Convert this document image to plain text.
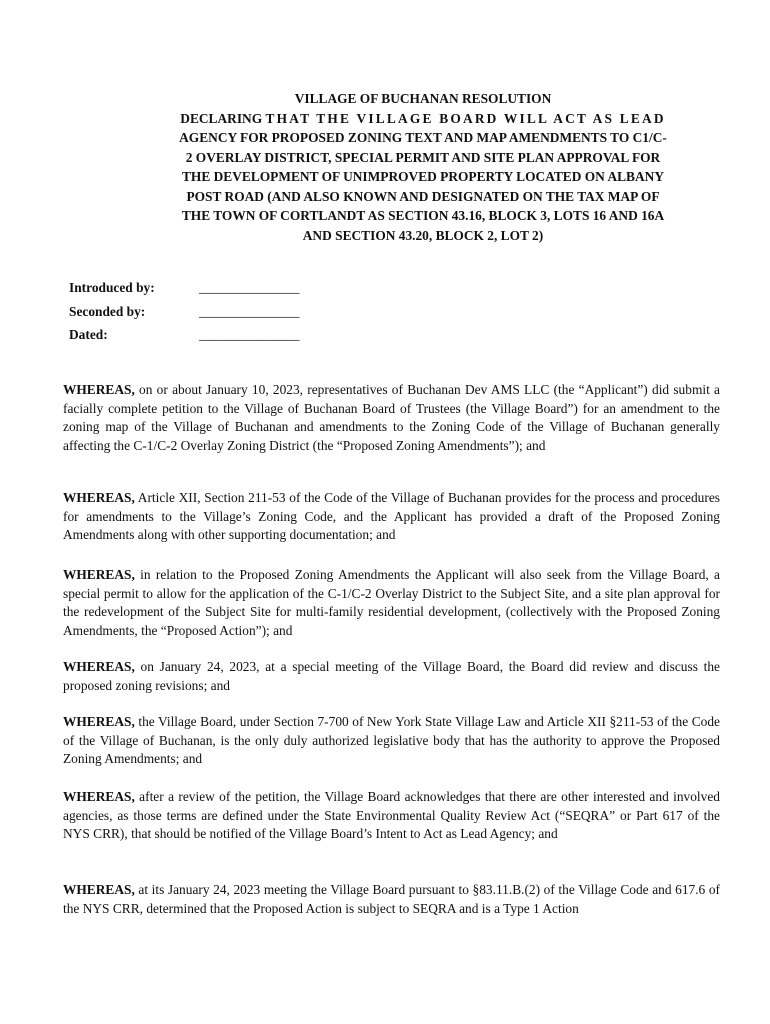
VILLAGE OF BUCHANAN RESOLUTION
DECLARING THAT THE VILLAGE BOARD WILL ACT AS LEAD
AGENCY FOR PROPOSED ZONING TEXT AND MAP AMENDMENTS TO C1/C-
2 OVERLAY DISTRICT, SPECIAL PERMIT AND SITE PLAN APPROVAL FOR
THE DEVELOPMENT OF UNIMPROVED PROPERTY LOCATED ON ALBANY
POST ROAD (AND ALSO KNOWN AND DESIGNATED ON THE TAX MAP OF
THE TOWN OF CORTLANDT AS SECTION 43.16, BLOCK 3, LOTS 16 AND 16A
AND SECTION 43.20, BLOCK 2, LOT 2)
Introduced by:	_______________
Seconded by:	_______________
Dated:	_______________
WHEREAS, on or about January 10, 2023, representatives of Buchanan Dev AMS LLC (the “Applicant”) did submit a facially complete petition to the Village of Buchanan Board of Trustees (the Village Board”) for an amendment to the zoning map of the Village of Buchanan and amendments to the Zoning Code of the Village of Buchanan generally affecting the C-1/C-2 Overlay Zoning District (the “Proposed Zoning Amendments”); and
WHEREAS, Article XII, Section 211-53 of the Code of the Village of Buchanan provides for the process and procedures for amendments to the Village’s Zoning Code, and the Applicant has provided a draft of the Proposed Zoning Amendments along with other supporting documentation; and
WHEREAS, in relation to the Proposed Zoning Amendments the Applicant will also seek from the Village Board, a special permit to allow for the application of the C-1/C-2 Overlay District to the Subject Site, and a site plan approval for the redevelopment of the Subject Site for multi-family residential development, (collectively with the Proposed Zoning Amendments, the “Proposed Action”); and
WHEREAS, on January 24, 2023, at a special meeting of the Village Board, the Board did review and discuss the proposed zoning revisions; and
WHEREAS, the Village Board, under Section 7-700 of New York State Village Law and Article XII §211-53 of the Code of the Village of Buchanan, is the only duly authorized legislative body that has the authority to approve the Proposed Zoning Amendments; and
WHEREAS, after a review of the petition, the Village Board acknowledges that there are other interested and involved agencies, as those terms are defined under the State Environmental Quality Review Act (“SEQRA” or Part 617 of the NYS CRR), that should be notified of the Village Board’s Intent to Act as Lead Agency; and
WHEREAS, at its January 24, 2023 meeting the Village Board pursuant to §83.11.B.(2) of the Village Code and 617.6 of the NYS CRR, determined that the Proposed Action is subject to SEQRA and is a Type 1 Action
